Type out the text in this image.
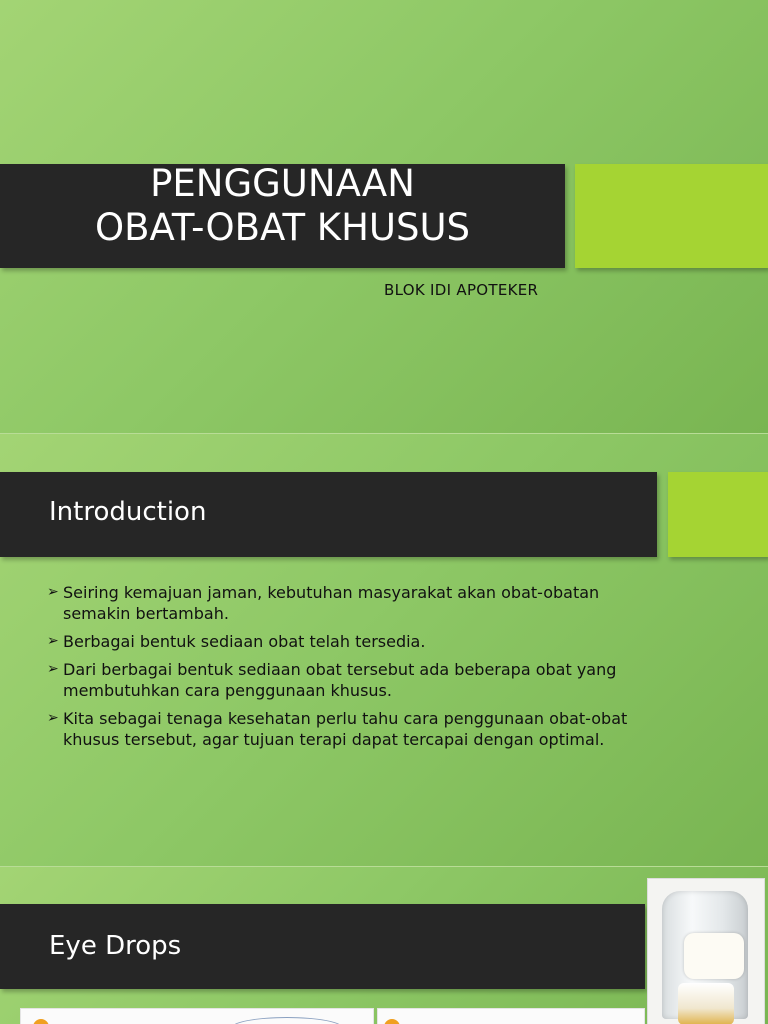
PENGGUNAAN
OBAT-OBAT KHUSUS
BLOK IDI APOTEKER
Introduction
➢ Seiring kemajuan jaman, kebutuhan masyarakat akan obat-obatan semakin bertambah.
➢ Berbagai bentuk sediaan obat telah tersedia.
➢ Dari berbagai bentuk sediaan obat tersebut ada beberapa obat yang membutuhkan cara penggunaan khusus.
➢ Kita sebagai tenaga kesehatan perlu tahu cara penggunaan obat-obat khusus tersebut, agar tujuan terapi dapat tercapai dengan optimal.
Eye Drops
